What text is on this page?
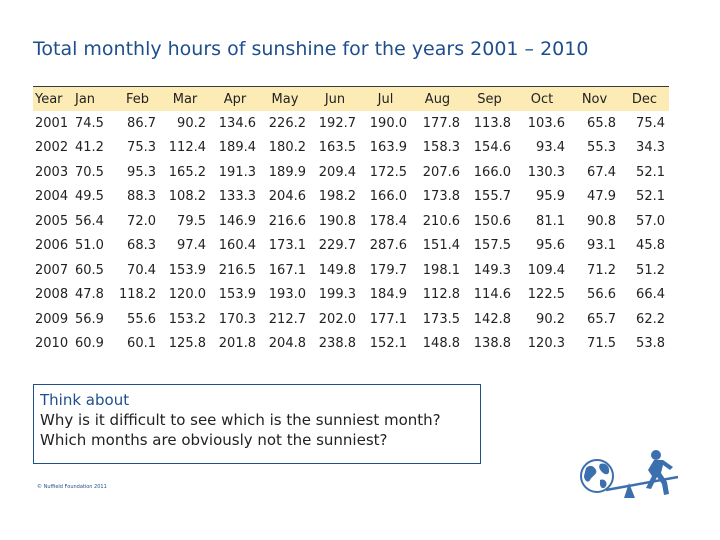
Total monthly hours of sunshine for the years 2001 – 2010
Year	Jan	Feb	Mar	Apr	May	Jun	Jul	Aug	Sep	Oct	Nov	Dec
2001	74.5	86.7	90.2	134.6	226.2	192.7	190.0	177.8	113.8	103.6	65.8	75.4
2002	41.2	75.3	112.4	189.4	180.2	163.5	163.9	158.3	154.6	93.4	55.3	34.3
2003	70.5	95.3	165.2	191.3	189.9	209.4	172.5	207.6	166.0	130.3	67.4	52.1
2004	49.5	88.3	108.2	133.3	204.6	198.2	166.0	173.8	155.7	95.9	47.9	52.1
2005	56.4	72.0	79.5	146.9	216.6	190.8	178.4	210.6	150.6	81.1	90.8	57.0
2006	51.0	68.3	97.4	160.4	173.1	229.7	287.6	151.4	157.5	95.6	93.1	45.8
2007	60.5	70.4	153.9	216.5	167.1	149.8	179.7	198.1	149.3	109.4	71.2	51.2
2008	47.8	118.2	120.0	153.9	193.0	199.3	184.9	112.8	114.6	122.5	56.6	66.4
2009	56.9	55.6	153.2	170.3	212.7	202.0	177.1	173.5	142.8	90.2	65.7	62.2
2010	60.9	60.1	125.8	201.8	204.8	238.8	152.1	148.8	138.8	120.3	71.5	53.8
Think about
Why is it difficult to see which is the sunniest month?
Which months are obviously not the sunniest?
© Nuffield Foundation 2011
